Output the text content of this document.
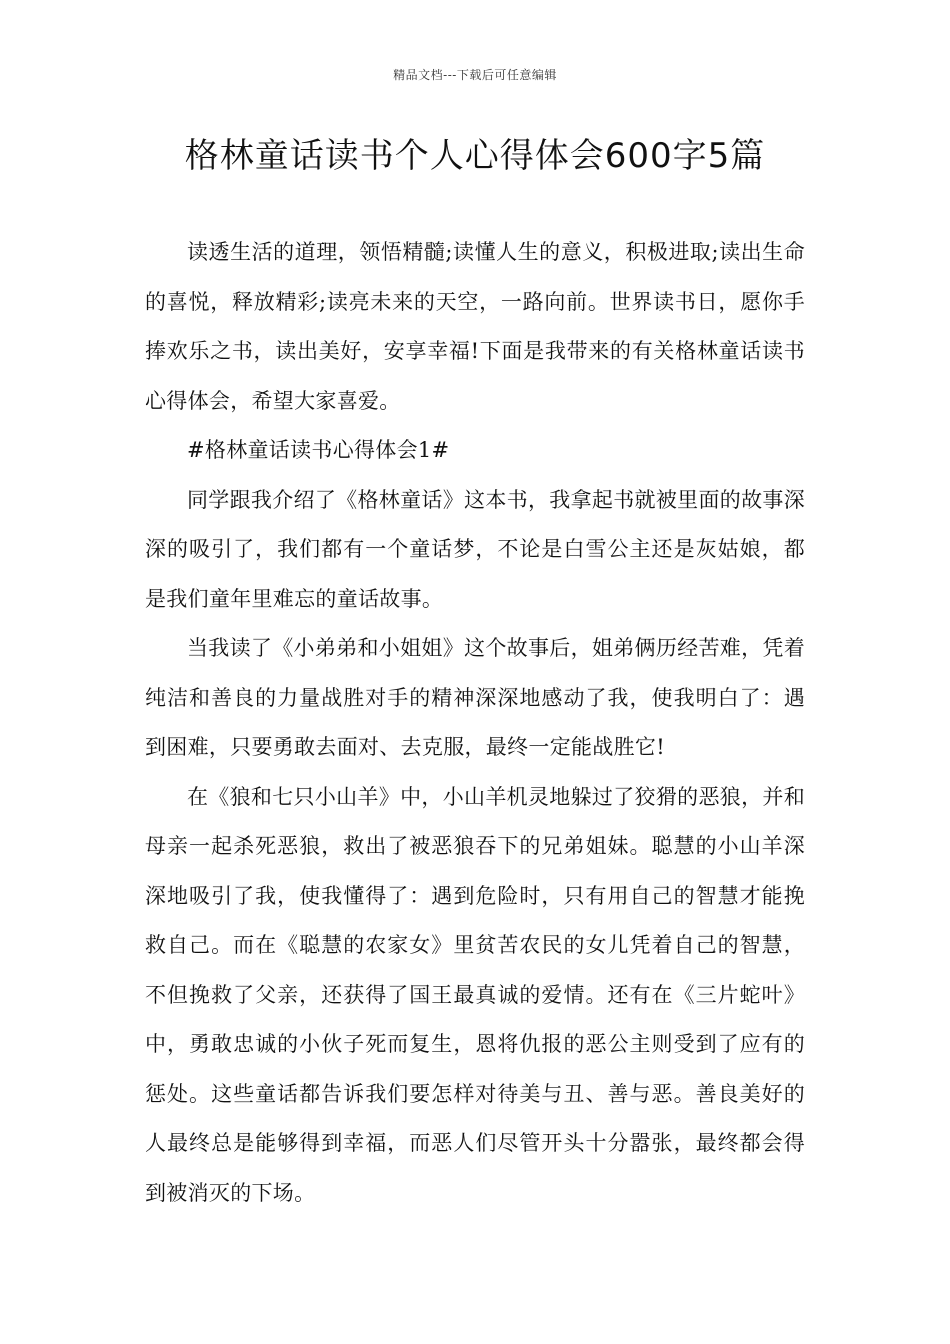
精品文档---下载后可任意编辑
格林童话读书个人心得体会600字5篇

读透生活的道理，领悟精髓;读懂人生的意义，积极进取;读出生命的喜悦，释放精彩;读亮未来的天空，一路向前。世界读书日，愿你手捧欢乐之书，读出美好，安享幸福!下面是我带来的有关格林童话读书心得体会，希望大家喜爱。

#格林童话读书心得体会1#

同学跟我介绍了《格林童话》这本书，我拿起书就被里面的故事深深的吸引了，我们都有一个童话梦，不论是白雪公主还是灰姑娘，都是我们童年里难忘的童话故事。

当我读了《小弟弟和小姐姐》这个故事后，姐弟俩历经苦难，凭着纯洁和善良的力量战胜对手的精神深深地感动了我，使我明白了：遇到困难，只要勇敢去面对、去克服，最终一定能战胜它!

在《狼和七只小山羊》中，小山羊机灵地躲过了狡猾的恶狼，并和母亲一起杀死恶狼，救出了被恶狼吞下的兄弟姐妹。聪慧的小山羊深深地吸引了我，使我懂得了：遇到危险时，只有用自己的智慧才能挽救自己。而在《聪慧的农家女》里贫苦农民的女儿凭着自己的智慧，不但挽救了父亲，还获得了国王最真诚的爱情。还有在《三片蛇叶》中，勇敢忠诚的小伙子死而复生，恩将仇报的恶公主则受到了应有的惩处。这些童话都告诉我们要怎样对待美与丑、善与恶。善良美好的人最终总是能够得到幸福，而恶人们尽管开头十分嚣张，最终都会得到被消灭的下场。
